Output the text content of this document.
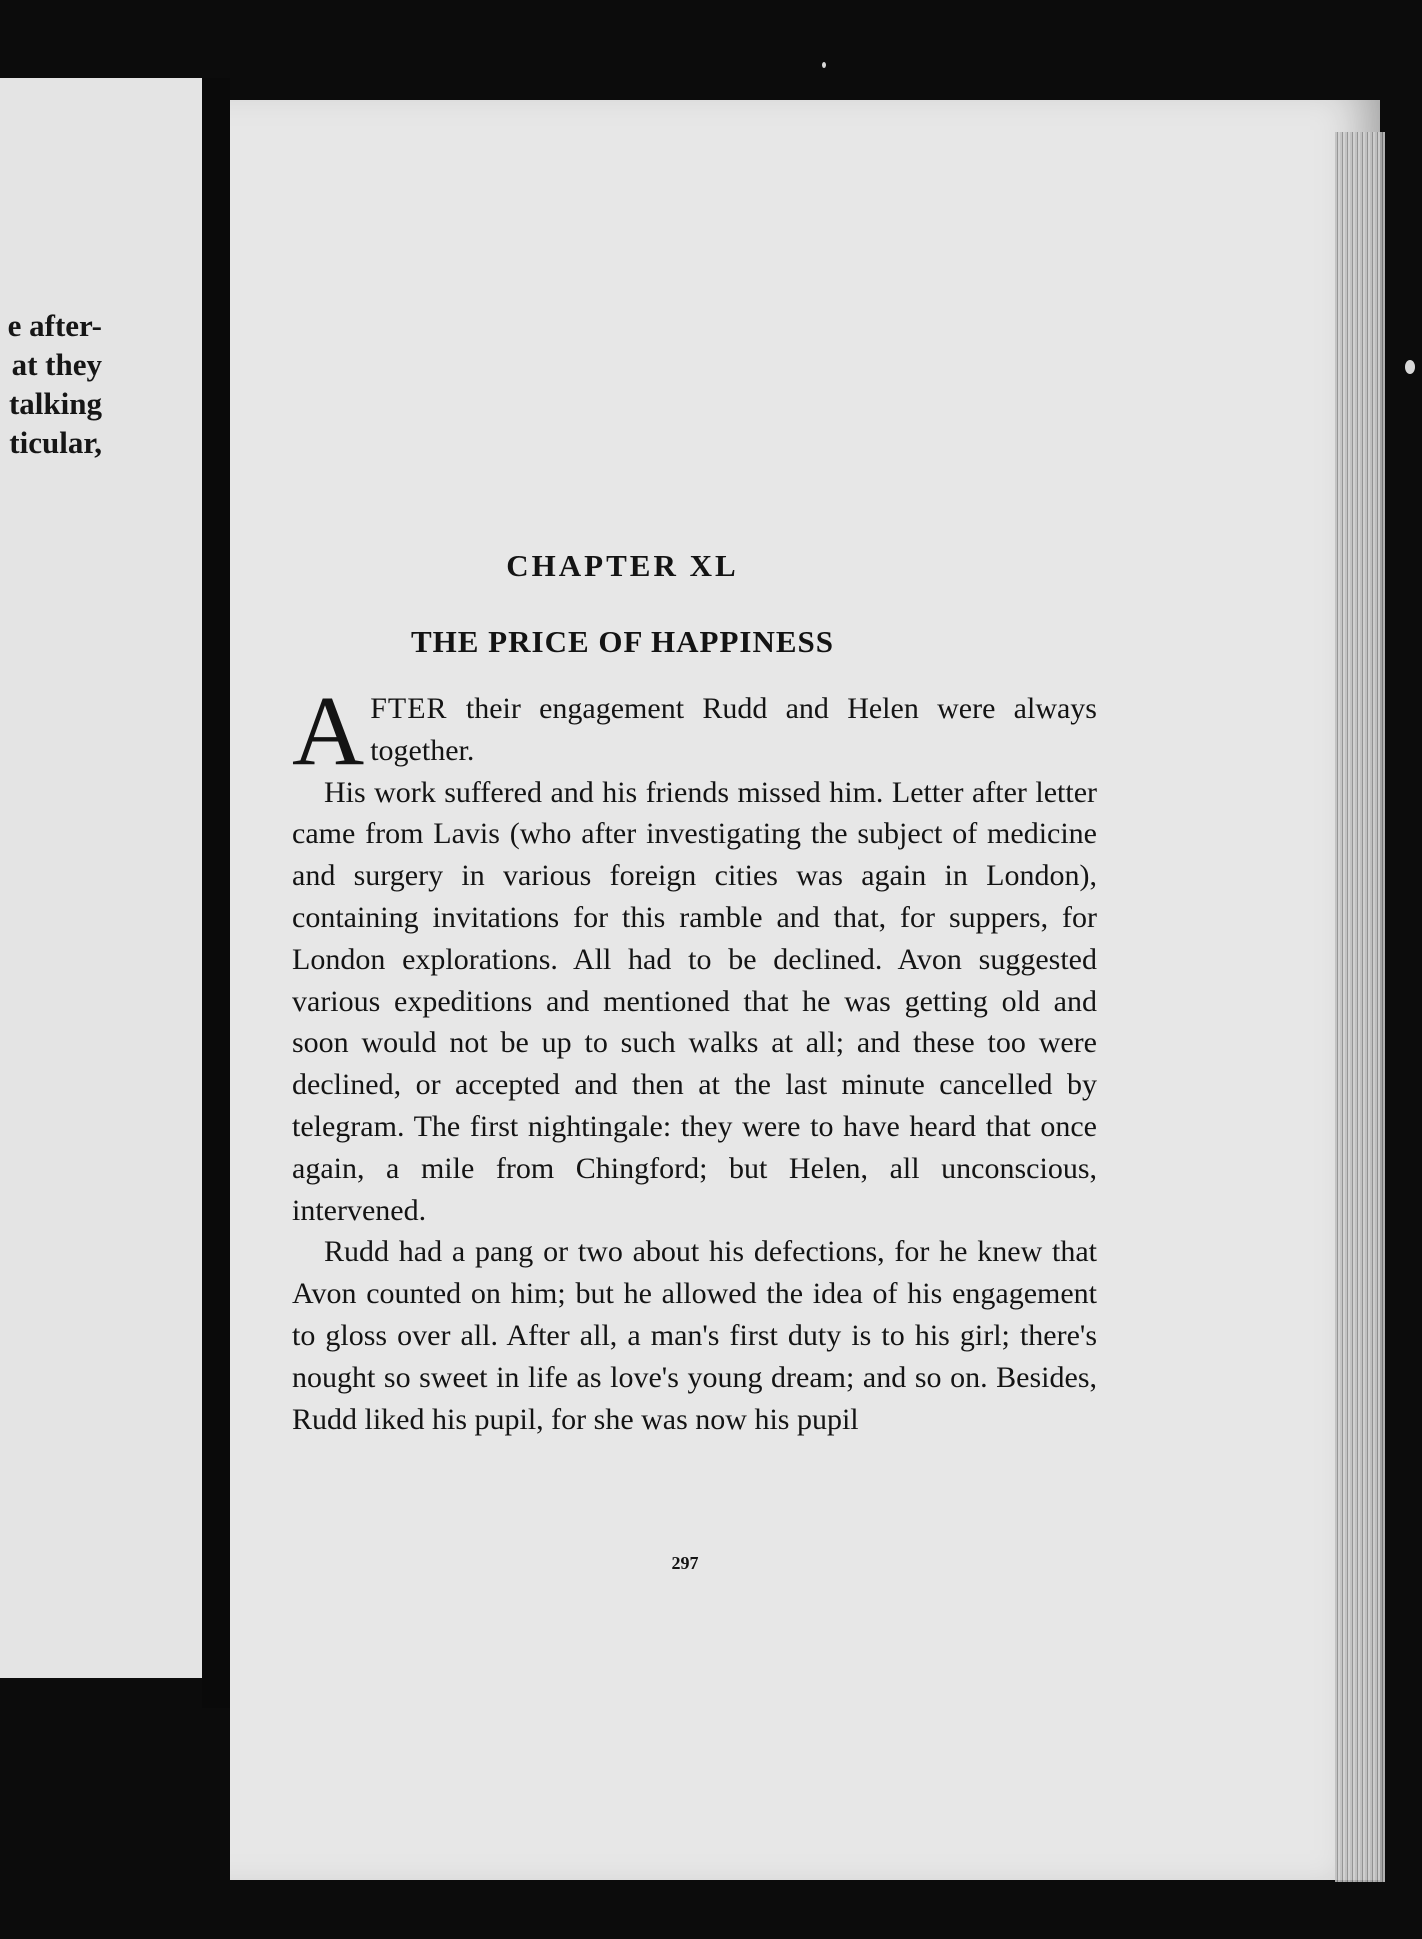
e after-
at they
talking
ticular,
CHAPTER XL
THE PRICE OF HAPPINESS

AFTER their engagement Rudd and Helen were always together.

His work suffered and his friends missed him. Letter after letter came from Lavis (who after investigating the subject of medicine and surgery in various foreign cities was again in London), containing invitations for this ramble and that, for suppers, for London explorations. All had to be declined. Avon suggested various expeditions and mentioned that he was getting old and soon would not be up to such walks at all; and these too were declined, or accepted and then at the last minute cancelled by telegram. The first nightingale: they were to have heard that once again, a mile from Chingford; but Helen, all unconscious, intervened.

Rudd had a pang or two about his defections, for he knew that Avon counted on him; but he allowed the idea of his engagement to gloss over all. After all, a man's first duty is to his girl; there's nought so sweet in life as love's young dream; and so on. Besides, Rudd liked his pupil, for she was now his pupil

297
